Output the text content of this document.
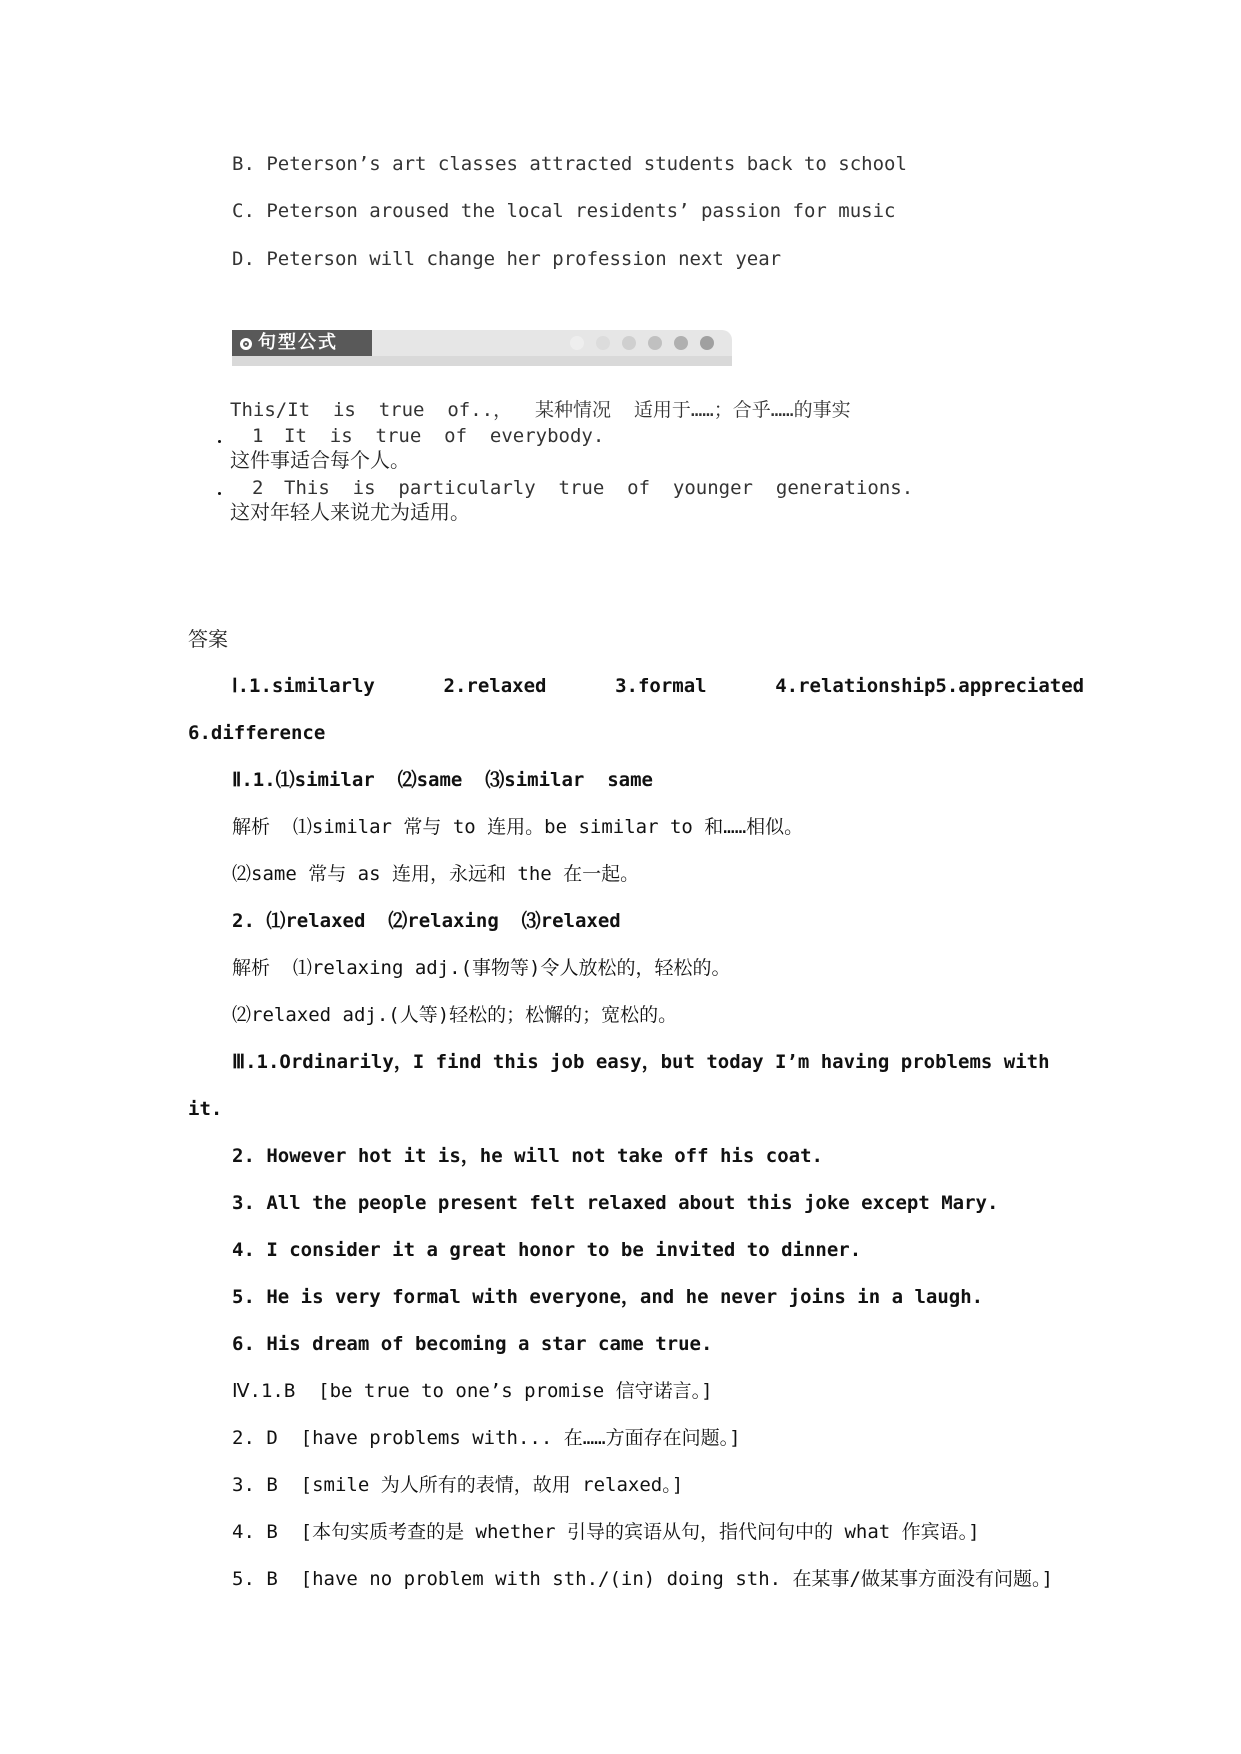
B. Peterson’s art classes attracted students back to school
C. Peterson aroused the local residents’ passion for music
D. Peterson will change her profession next year
句型公式
This/It  is  true  of..，  某种情况  适用于……；合乎……的事实
1 It  is  true  of  everybody.
这件事适合每个人。
2 This  is  particularly  true  of  younger  generations.
这对年轻人来说尤为适用。
答案
Ⅰ.1.similarly      2.relaxed      3.formal      4.relationship5.appreciated
6.difference
Ⅱ.1.⑴similar  ⑵same  ⑶similar  same
解析  ⑴similar 常与 to 连用。be similar to 和……相似。
⑵same 常与 as 连用，永远和 the 在一起。
2. ⑴relaxed  ⑵relaxing  ⑶relaxed
解析  ⑴relaxing adj.(事物等)令人放松的，轻松的。
⑵relaxed adj.(人等)轻松的；松懈的；宽松的。
Ⅲ.1.Ordinarily，I find this job easy，but today I’m having problems with
it.
2. However hot it is，he will not take off his coat.
3. All the people present felt relaxed about this joke except Mary.
4. I consider it a great honor to be invited to dinner.
5. He is very formal with everyone，and he never joins in a laugh.
6. His dream of becoming a star came true.
Ⅳ.1.B  [be true to one’s promise 信守诺言。]
2. D  [have problems with... 在……方面存在问题。]
3. B  [smile 为人所有的表情，故用 relaxed。]
4. B  [本句实质考查的是 whether 引导的宾语从句，指代问句中的 what 作宾语。]
5. B  [have no problem with sth./(in) doing sth. 在某事/做某事方面没有问题。]
